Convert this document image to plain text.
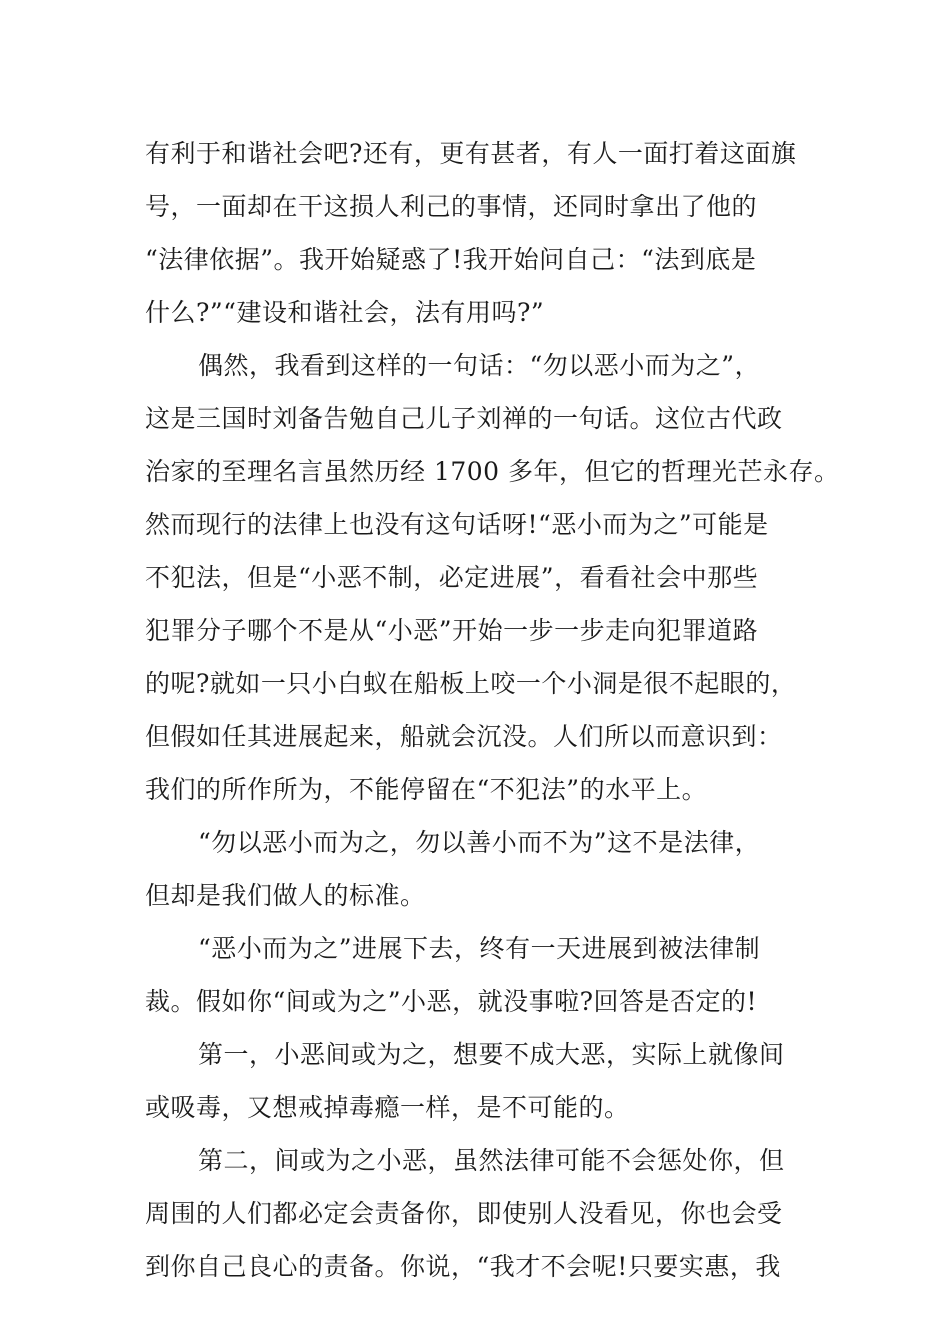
有利于和谐社会吧?还有，更有甚者，有人一面打着这面旗
号，一面却在干这损人利己的事情，还同时拿出了他的
“法律依据”。我开始疑惑了!我开始问自己：“法到底是
什么?”“建设和谐社会，法有用吗?”
偶然，我看到这样的一句话：“勿以恶小而为之”，
这是三国时刘备告勉自己儿子刘禅的一句话。这位古代政
治家的至理名言虽然历经 1700 多年，但它的哲理光芒永存。
然而现行的法律上也没有这句话呀!“恶小而为之”可能是
不犯法，但是“小恶不制，必定进展”，看看社会中那些
犯罪分子哪个不是从“小恶”开始一步一步走向犯罪道路
的呢?就如一只小白蚁在船板上咬一个小洞是很不起眼的，
但假如任其进展起来，船就会沉没。人们所以而意识到：
我们的所作所为，不能停留在“不犯法”的水平上。
“勿以恶小而为之，勿以善小而不为”这不是法律，
但却是我们做人的标准。
“恶小而为之”进展下去，终有一天进展到被法律制
裁。假如你“间或为之”小恶，就没事啦?回答是否定的!
第一，小恶间或为之，想要不成大恶，实际上就像间
或吸毒，又想戒掉毒瘾一样，是不可能的。
第二，间或为之小恶，虽然法律可能不会惩处你，但
周围的人们都必定会责备你，即使别人没看见，你也会受
到你自己良心的责备。你说，“我才不会呢!只要实惠，我
